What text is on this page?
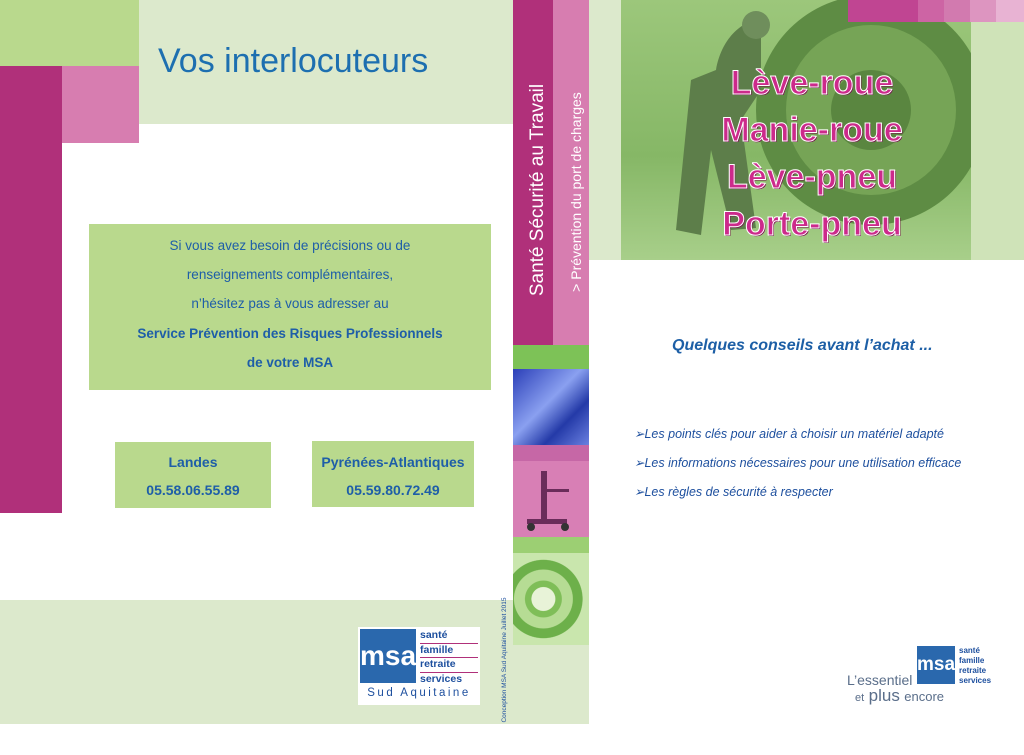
Vos interlocuteurs
Si vous avez besoin de précisions ou de
renseignements complémentaires,
n’hésitez pas à vous adresser au
Service Prévention des Risques Professionnels
de votre MSA
Landes
05.58.06.55.89
Pyrénées-Atlantiques
05.59.80.72.49
msa
santé
famille
retraite
services
Sud Aquitaine	Conception MSA Sud Aquitaine Juillet 2015
Santé Sécurité au Travail > Prévention du port de charges
Lève-roue
Manie-roue
Lève-pneu
Porte-pneu
Quelques conseils avant l’achat ...
➢Les points clés pour aider à choisir un matériel adapté
➢Les informations nécessaires pour une utilisation efficace
➢Les règles de sécurité à respecter
msa
santé
famille
retraite
services
L’essentiel
et plus encore
